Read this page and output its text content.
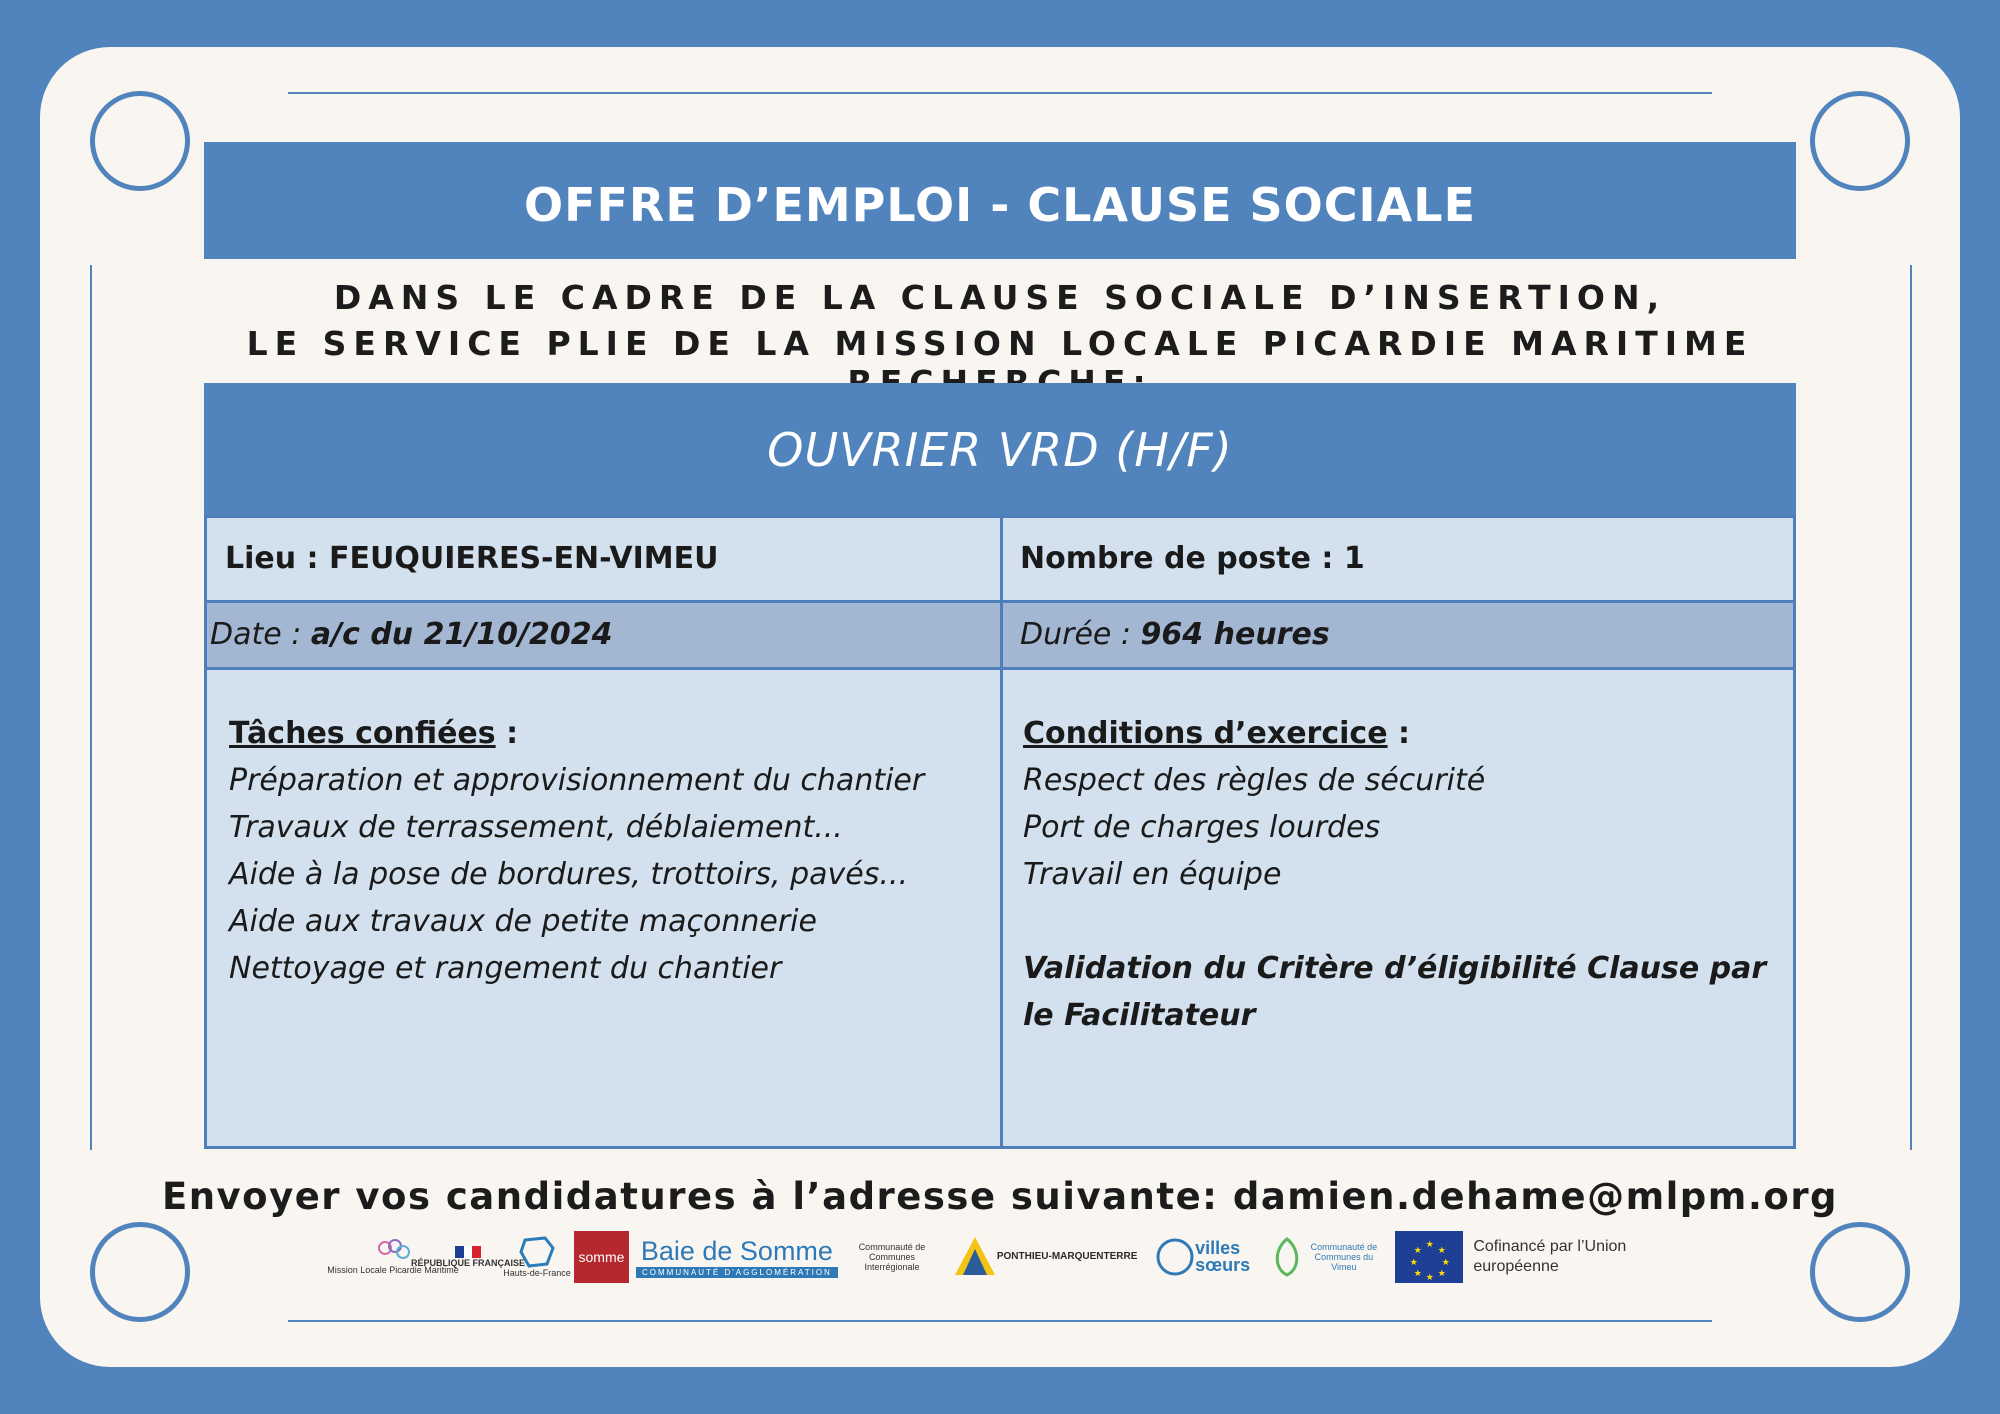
OFFRE D’EMPLOI - CLAUSE SOCIALE
DANS LE CADRE DE LA CLAUSE SOCIALE D’INSERTION,
LE SERVICE PLIE DE LA MISSION LOCALE PICARDIE MARITIME
OUVRIER VRD (H/F)
Lieu : FEUQUIERES-EN-VIMEU	Nombre de poste : 1
Date : a/c du 21/10/2024	Durée : 964 heures
Tâches confiées :
Préparation et approvisionnement du chantier
Travaux de terrassement, déblaiement...
Aide à la pose de bordures, trottoirs, pavés...
Aide aux travaux de petite maçonnerie
Nettoyage et rangement du chantier
Conditions d’exercice :
Respect des règles de sécurité
Port de charges lourdes
Travail en équipe
Validation du Critère d’éligibilité Clause par le Facilitateur
Envoyer vos candidatures à l’adresse suivante: damien.dehame@mlpm.org
Mission Locale Picardie Maritime
RÉPUBLIQUE FRANÇAISE
Hauts-de-France
somme Baie de Somme
COMMUNAUTÉ D'AGGLOMÉRATION
Communauté de Communes Interrégionale
PONTHIEU-MARQUENTERRE	villes sœurs
Communauté de Communes du Vimeu
★
★
★
★
★
★
★
★	Cofinancé par l’Union européenne
